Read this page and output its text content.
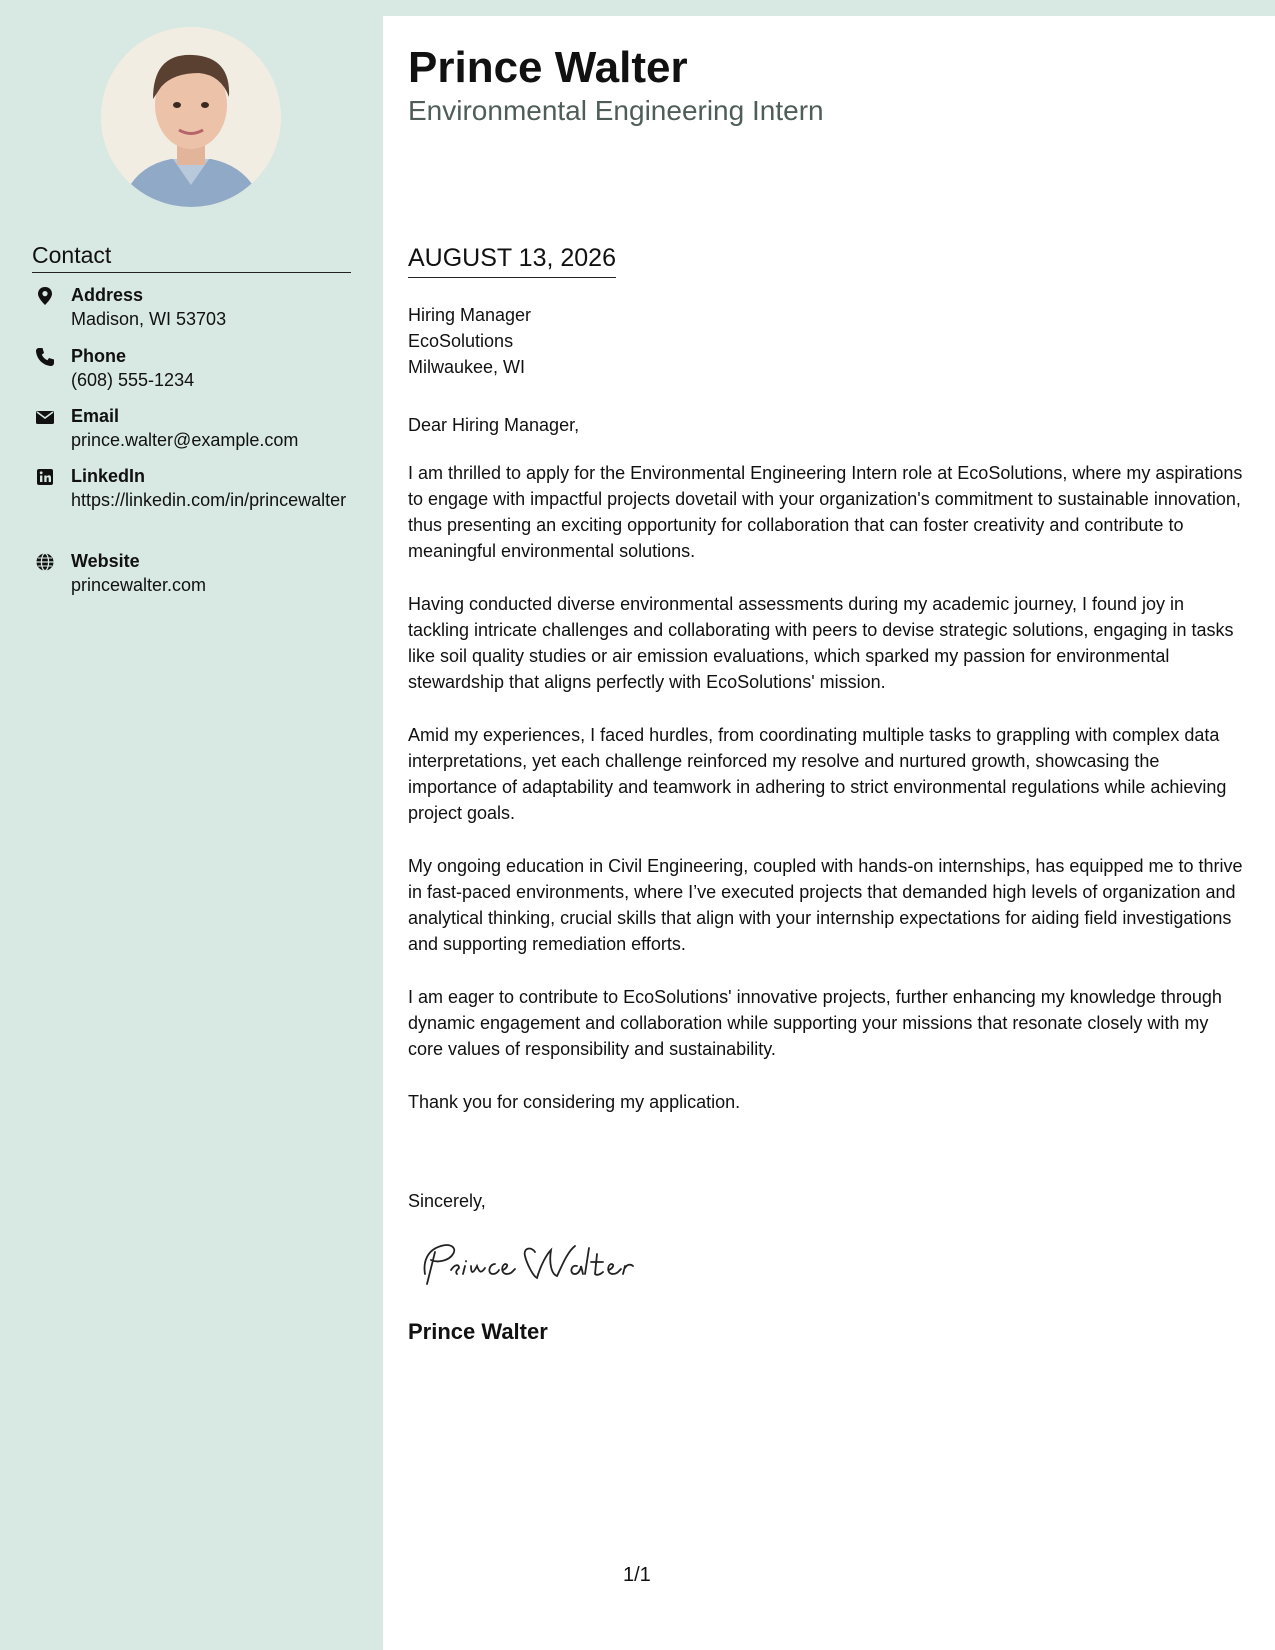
Contact
Address
Madison, WI 53703
Phone
(608) 555-1234
Email
prince.walter@example.com
LinkedIn
https://linkedin.com/in/princewalter
Website
princewalter.com
Prince Walter
Environmental Engineering Intern
AUGUST 13, 2026
Hiring Manager
EcoSolutions
Milwaukee, WI

Dear Hiring Manager,

I am thrilled to apply for the Environmental Engineering Intern role at EcoSolutions, where my aspirations to engage with impactful projects dovetail with your organization's commitment to sustainable innovation, thus presenting an exciting opportunity for collaboration that can foster creativity and contribute to meaningful environmental solutions.

Having conducted diverse environmental assessments during my academic journey, I found joy in tackling intricate challenges and collaborating with peers to devise strategic solutions, engaging in tasks like soil quality studies or air emission evaluations, which sparked my passion for environmental stewardship that aligns perfectly with EcoSolutions' mission.

Amid my experiences, I faced hurdles, from coordinating multiple tasks to grappling with complex data interpretations, yet each challenge reinforced my resolve and nurtured growth, showcasing the importance of adaptability and teamwork in adhering to strict environmental regulations while achieving project goals.

My ongoing education in Civil Engineering, coupled with hands-on internships, has equipped me to thrive in fast-paced environments, where I’ve executed projects that demanded high levels of organization and analytical thinking, crucial skills that align with your internship expectations for aiding field investigations and supporting remediation efforts.

I am eager to contribute to EcoSolutions' innovative projects, further enhancing my knowledge through dynamic engagement and collaboration while supporting your missions that resonate closely with my core values of responsibility and sustainability.

Thank you for considering my application.

Sincerely,
Prince Walter
1/1
